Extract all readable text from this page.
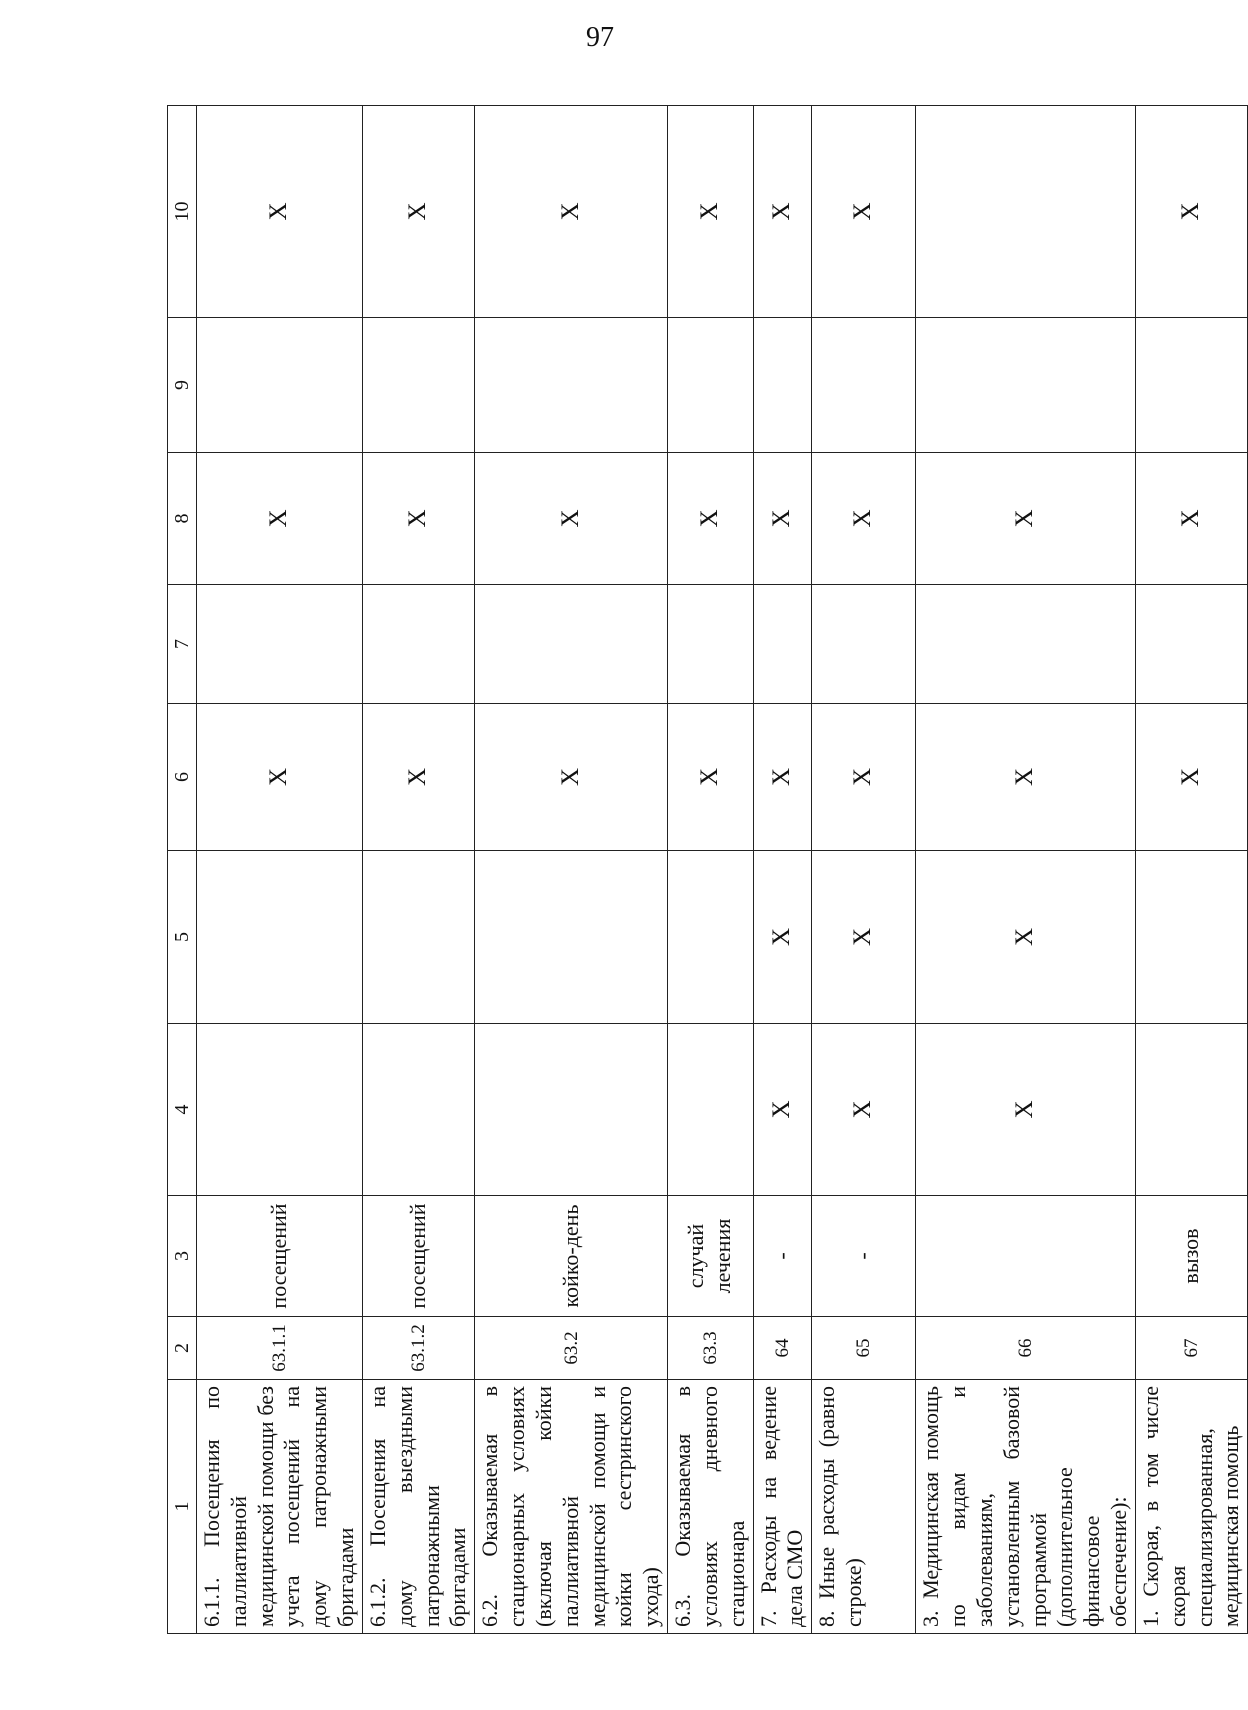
97
1	2	3	4	5	6	7	8	9	10
6.1.1. Посещения по паллиативной медицинской помощи без учета посещений на дому патронажными бригадами	63.1.1	посещений			X		X		X
6.1.2. Посещения на дому выездными патронажными бригадами	63.1.2	посещений			X		X		X
6.2. Оказываемая в стационарных условиях (включая койки паллиативной медицинской помощи и койки сестринского ухода)	63.2	койко-день			X		X		X
6.3. Оказываемая в условиях дневного стационара	63.3	случай лечения			X		X		X
7. Расходы на ведение дела СМО	64	-	X	X	X		X		X
8. Иные расходы (равно строке)	65	-	X	X	X		X		X
3. Медицинская помощь по видам и заболеваниям, установленным базовой программой (дополнительное финансовое обеспечение):	66		X	X	X		X		
1. Скорая, в том числе скорая специализированная, медицинская помощь	67	вызов			X		X		X
